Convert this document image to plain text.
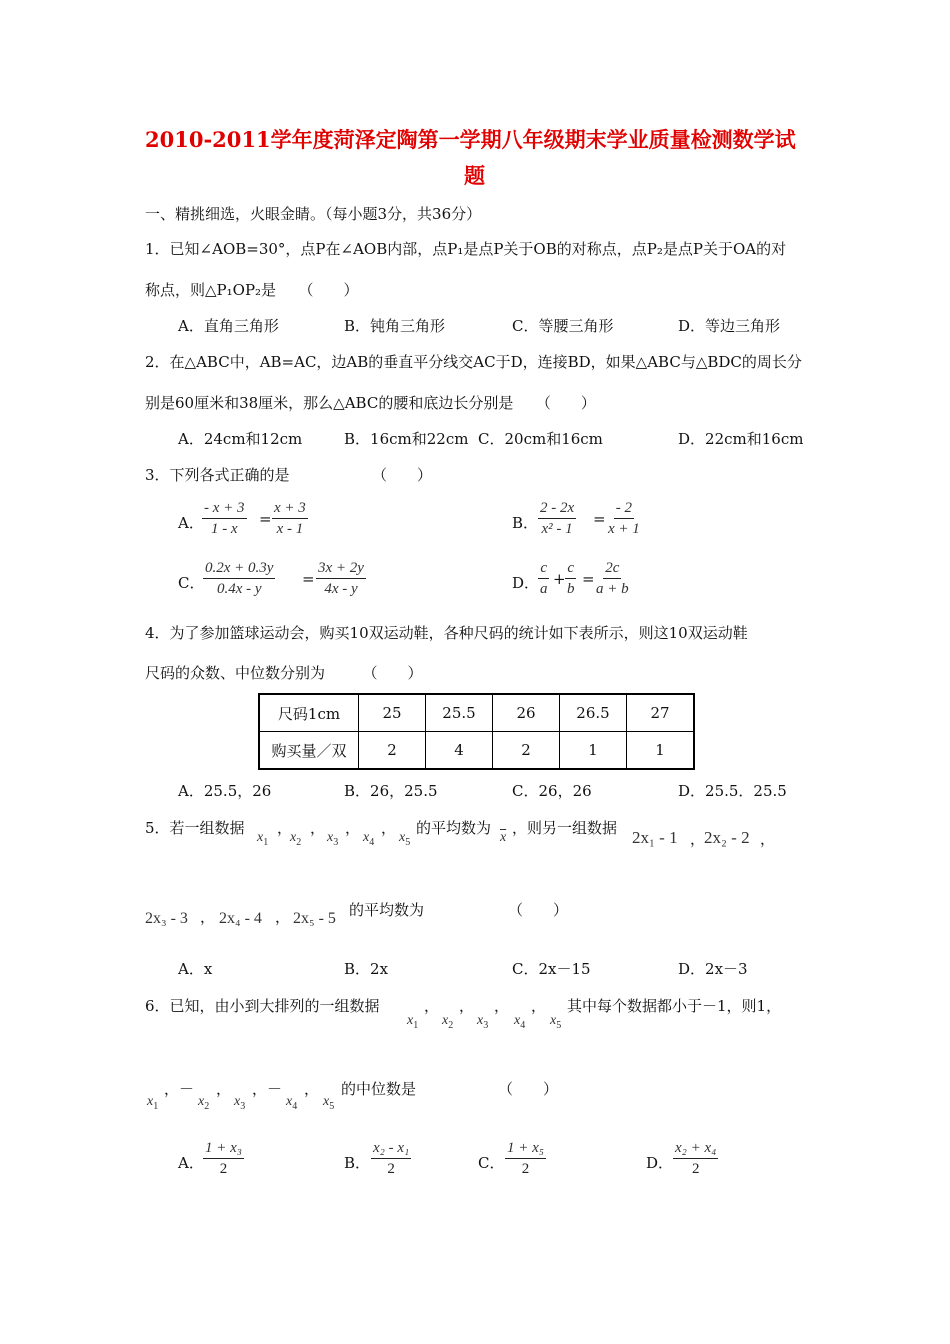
2010-2011学年度菏泽定陶第一学期八年级期末学业质量检测数学试
题
一、精挑细选，火眼金睛。（每小题3分，共36分）
1．已知∠AOB=30°，点P在∠AOB内部，点P₁是点P关于OB的对称点，点P₂是点P关于OA的对
称点，则△P₁OP₂是　　（　　）
A．直角三角形	B．钝角三角形	C．等腰三角形	D．等边三角形
2．在△ABC中，AB=AC，边AB的垂直平分线交AC于D，连接BD，如果△ABC与△BDC的周长分
别是60厘米和38厘米，那么△ABC的腰和底边长分别是　　（　　）
A．24cm和12cm	B．16cm和22cm C．20cm和16cm	D．22cm和16cm
3．下列各式正确的是　　　　　　（　　）
A．
$\frac{- x + 3}{1 - x} = \frac{x + 3}{x - 1}$	B． $\frac{2 - 2x}{\text{x² - 1}} = \frac{- 2}{x + 1}$
C．
$\frac{0.2x + 0.3y}{0.4x - y} = \frac{3x + 2y}{4x - y}$	D．
$\frac{c}{a} + \frac{c}{b} = \frac{2c}{a + b}$
4．为了参加篮球运动会，购买10双运动鞋，各种尺码的统计如下表所示，则这10双运动鞋
尺码的众数、中位数分别为　　　（　　）
尺码1cm	25	25.5	26	26.5	27
购买量／双	2	4	2	1	1
A．25.5，26	B．26，25.5	C．26，26	D．25.5．25.5
5．若一组数据
$x_1$
，
$x_2$
，
$x_3$
，
$x_4$
，
$x_5$
的平均数为
$\overline{x}$
，则另一组数据 2x₁ - 1 ，
2x₂ - 2 ，
2x₃ - 3 ， 2x₄ - 4 ， 2x₅ - 5 的平均数为	（　　）
A．x	B．2x	C．2x－15	D．2x－3
6．已知，由小到大排列的一组数据	，
$x_1$
，
$x_2$
，
$x_3$
，
$x_4$ $x_5$
其中每个数据都小于－1，则1，
$x_1$
，－
$x_2$
，
$x_3$
，－
$x_4$
，
$x_5$
的中位数是	（　　）
A． $\frac{\text{1 + x₃}}{2}$	B． $\frac{\text{x₂ - x₁}}{2}$	C． $\frac{\text{1 + x₅}}{2}$	D． $\frac{\text{x₂ + x₄}}{2}$
